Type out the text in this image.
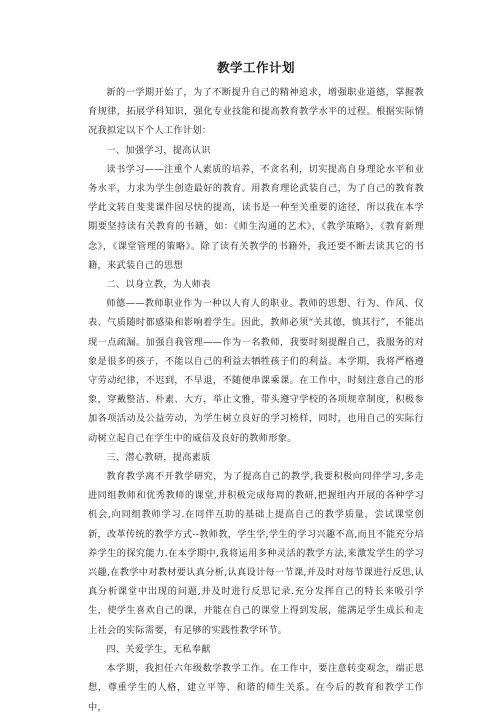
教学工作计划

新的一学期开始了，为了不断提升自己的精神追求，增强职业道德，掌握教育规律，拓展学科知识，强化专业技能和提高教育教学水平的过程。根据实际情况我拟定以下个人工作计划：

一、加强学习，提高认识

读书学习——注重个人素质的培养，不贪名利，切实提高自身理论水平和业务水平，力求为学生创造最好的教育。用教育理论武装自己，为了自己的教育教学此文转自斐斐课件园尽快的提高，读书是一种至关重要的途径，所以我在本学期要坚持读有关教育的书籍，如：《师生沟通的艺术》，《教学策略》，《教育新理念》，《课堂管理的策略》。除了读有关教学的书籍外，我还要不断去读其它的书籍，来武装自己的思想

二、以身立教，为人师表

师德——教师职业作为一种以人育人的职业。教师的思想、行为、作风、仪表、气质随时都感染和影响着学生。因此，教师必须“关其德，慎其行”，不能出现一点疏漏。加强自我管理——作为一名教师，我要时刻提醒自己，我服务的对象是很多的孩子，不能以自己的利益去牺牲孩子们的利益。本学期，我将严格遵守劳动纪律，不迟到，不早退，不随便串课乘课。在工作中，时刻注意自己的形象，穿戴整洁、朴素、大方，举止文雅，带头遵守学校的各项规章制度，积极参加各项活动及公益劳动，为学生树立良好的学习榜样，同时，也用自己的实际行动树立起自己在学生中的威信及良好的教师形象。

三、潜心教研，提高素质

教育教学离不开教学研究，为了提高自己的教学,我要积极向同伴学习,多走进同组教师和优秀教师的课堂,并积极完成每周的教研,把握组内开展的各种学习机会,向同组教师学习.在同伴互助的基础上提高自己的教学质量，尝试课堂创新，改革传统的教学方式--教师教，学生学,学生的学习兴趣不高,而且不能充分培养学生的探究能力.在本学期中,我将运用多种灵活的教学方法,来激发学生的学习兴趣,在教学中对教材要认真分析,认真设计每一节课,并及时对每节课进行反思,认真分析课堂中出现的问题,并及时进行反思记录.充分发挥自己的特长来吸引学生，使学生喜欢自己的课，并能在自己的课堂上得到发展，能满足学生成长和走上社会的实际需要，有足够的实践性教学环节。

四、关爱学生，无私奉献

本学期，我担任六年级数学教学工作。在工作中，要注意转变观念，端正思想，尊重学生的人格，建立平等、和谐的师生关系。在今后的教育和教学工作中，
